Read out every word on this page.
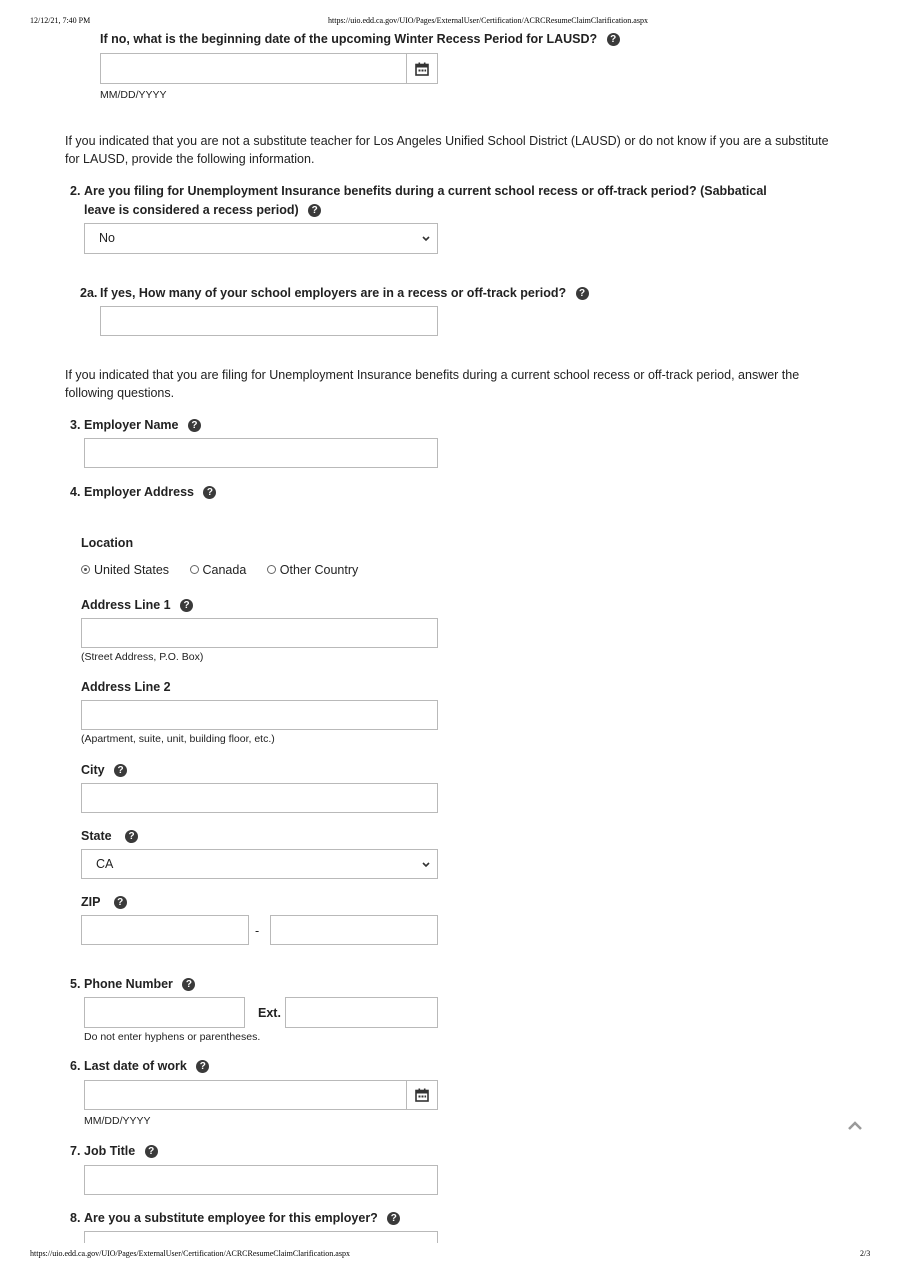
12/12/21, 7:40 PM	https://uio.edd.ca.gov/UIO/Pages/ExternalUser/Certification/ACRCResumeClaimClarification.aspx
If no, what is the beginning date of the upcoming Winter Recess Period for LAUSD? ?
MM/DD/YYYY
If you indicated that you are not a substitute teacher for Los Angeles Unified School District (LAUSD) or do not know if you are a substitute for LAUSD, provide the following information.
2. Are you filing for Unemployment Insurance benefits during a current school recess or off-track period? (Sabbatical
leave is considered a recess period) ?
No
2a. If yes, How many of your school employers are in a recess or off-track period? ?
If you indicated that you are filing for Unemployment Insurance benefits during a current school recess or off-track period, answer the following questions.
3. Employer Name ?
4. Employer Address ?
Location
United States	Canada	Other Country
Address Line 1 ?
(Street Address, P.O. Box)
Address Line 2
(Apartment, suite, unit, building floor, etc.)
City ?
State ?
CA
ZIP ?
-
5. Phone Number ?
Ext.
Do not enter hyphens or parentheses.
6. Last date of work ?
MM/DD/YYYY
7. Job Title ?
8. Are you a substitute employee for this employer? ?
https://uio.edd.ca.gov/UIO/Pages/ExternalUser/Certification/ACRCResumeClaimClarification.aspx	2/3
